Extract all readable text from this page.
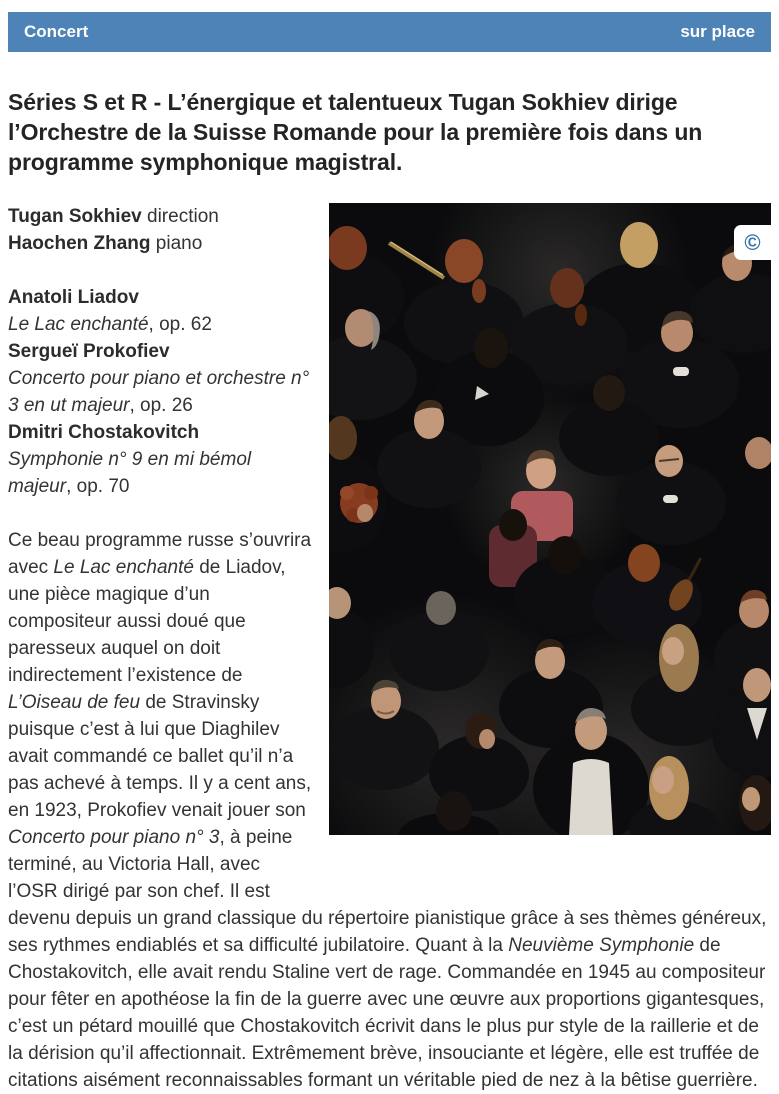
Concert	sur place
Séries S et R - L’énergique et talentueux Tugan Sokhiev dirige l’Orchestre de la Suisse Romande pour la première fois dans un programme symphonique magistral.
©

Tugan Sokhiev direction
Haochen Zhang piano

Anatoli Liadov
Le Lac enchanté, op. 62
Sergueï Prokofiev
Concerto pour piano et orchestre n° 3 en ut majeur, op. 26
Dmitri Chostakovitch
Symphonie n° 9 en mi bémol majeur, op. 70

Ce beau programme russe s’ouvrira avec Le Lac enchanté de Liadov, une pièce magique d’un compositeur aussi doué que paresseux auquel on doit indirectement l’existence de L’Oiseau de feu de Stravinsky puisque c’est à lui que Diaghilev avait commandé ce ballet qu’il n’a pas achevé à temps. Il y a cent ans, en 1923, Prokofiev venait jouer son Concerto pour piano n° 3, à peine terminé, au Victoria Hall, avec l’OSR dirigé par son chef. Il est devenu depuis un grand classique du répertoire pianistique grâce à ses thèmes généreux, ses rythmes endiablés et sa difficulté jubilatoire. Quant à la Neuvième Symphonie de Chostakovitch, elle avait rendu Staline vert de rage. Commandée en 1945 au compositeur pour fêter en apothéose la fin de la guerre avec une œuvre aux proportions gigantesques, c’est un pétard mouillé que Chostakovitch écrivit dans le plus pur style de la raillerie et de la dérision qu’il affectionnait. Extrêmement brève, insouciante et légère, elle est truffée de citations aisément reconnaissables formant un véritable pied de nez à la bêtise guerrière.
